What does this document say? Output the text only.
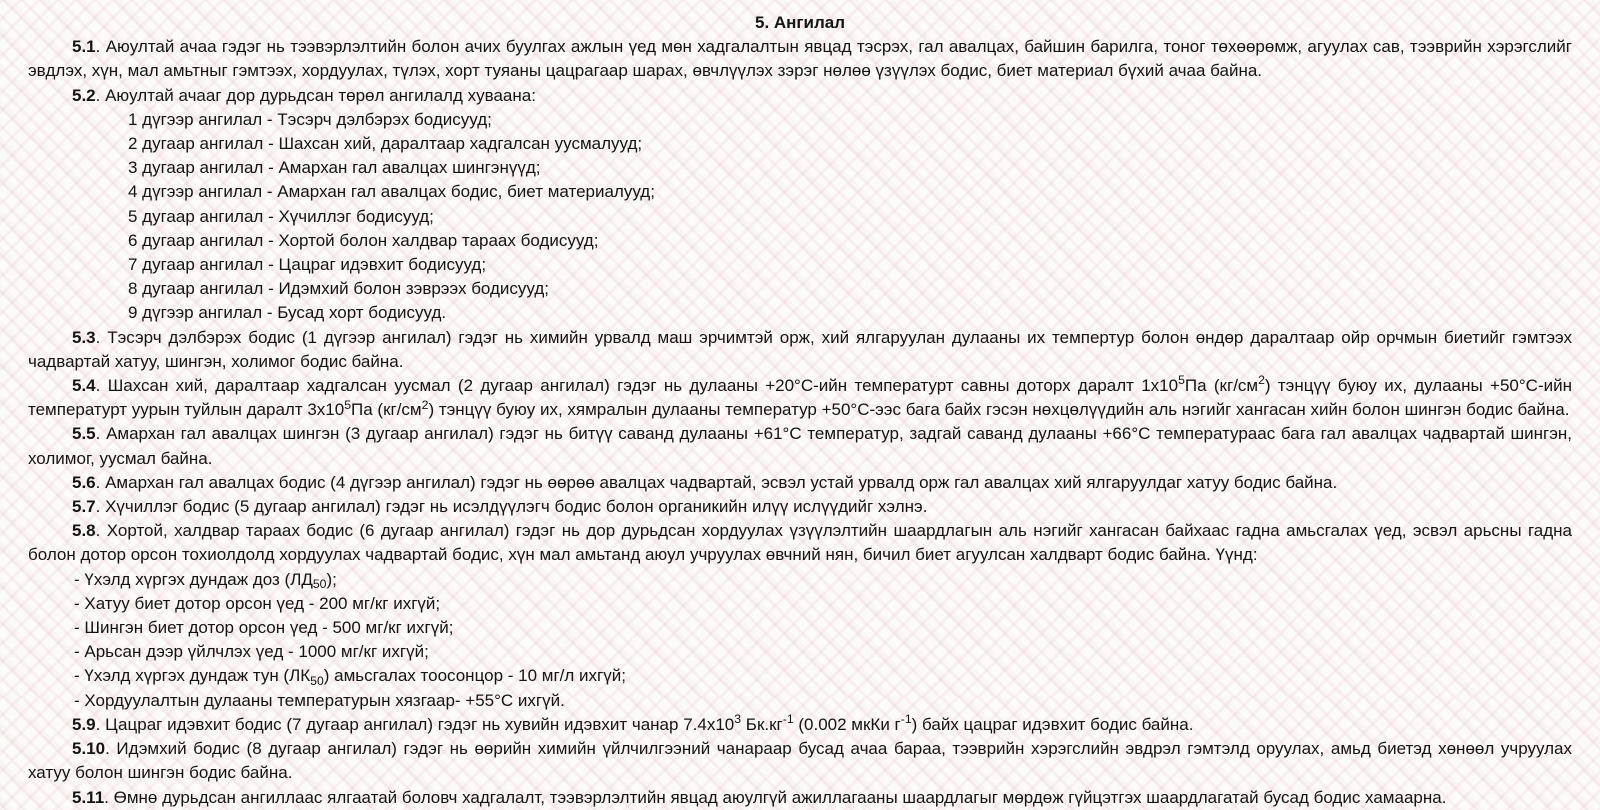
5. Ангилал

5.1. Аюултай ачаа гэдэг нь тээвэрлэлтийн болон ачих буулгах ажлын үед мөн хадгалалтын явцад тэсрэх, гал авалцах, байшин барилга, тоног төхөөрөмж, агуулах сав, тээврийн хэрэгслийг эвдлэх, хүн, мал амьтныг гэмтээх, хордуулах, түлэх, хорт туяаны цацрагаар шарах, өвчлүүлэх зэрэг нөлөө үзүүлэх бодис, биет материал бүхий ачаа байна.
5.2. Аюултай ачааг дор дурьдсан төрөл ангилалд хуваана:
1 дүгээр ангилал - Тэсэрч дэлбэрэх бодисууд;
2 дугаар ангилал - Шахсан хий, даралтаар хадгалсан уусмалууд;
3 дугаар ангилал - Амархан гал авалцах шингэнүүд;
4 дүгээр ангилал - Амархан гал авалцах бодис, биет материалууд;
5 дугаар ангилал - Хүчиллэг бодисууд;
6 дугаар ангилал - Хортой болон халдвар тараах бодисууд;
7 дугаар ангилал - Цацраг идэвхит бодисууд;
8 дугаар ангилал - Идэмхий болон зэврээх бодисууд;
9 дүгээр ангилал - Бусад хорт бодисууд.
5.3. Тэсэрч дэлбэрэх бодис (1 дүгээр ангилал) гэдэг нь химийн урвалд маш эрчимтэй орж, хий ялгаруулан дулааны их темпертур болон өндөр даралтаар ойр орчмын биетийг гэмтээх чадвартай хатуу, шингэн, холимог бодис байна.
5.4. Шахсан хий, даралтаар хадгалсан уусмал (2 дугаар ангилал) гэдэг нь дулааны +20°С-ийн температурт савны доторх даралт $1х10^5Па$ $(кг/см^2)$ тэнцүү буюу их, дулааны +50°С-ийн температурт уурын туйлын даралт $3х10^5Па$ $(кг/см^2)$ тэнцүү буюу их, хямралын дулааны температур +50°С-ээс бага байх гэсэн нөхцөлүүдийн аль нэгийг хангасан хийн болон шингэн бодис байна.
5.5. Амархан гал авалцах шингэн (3 дугаар ангилал) гэдэг нь битүү саванд дулааны +61°С температур, задгай саванд дулааны +66°С температураас бага гал авалцах чадвартай шингэн, холимог, уусмал байна.
5.6. Амархан гал авалцах бодис (4 дүгээр ангилал) гэдэг нь өөрөө авалцах чадвартай, эсвэл устай урвалд орж гал авалцах хий ялгаруулдаг хатуу бодис байна.
5.7. Хүчиллэг бодис (5 дугаар ангилал) гэдэг нь исэлдүүлэгч бодис болон органикийн илүү ислүүдийг хэлнэ.
5.8. Хортой, халдвар тараах бодис (6 дугаар ангилал) гэдэг нь дор дурьдсан хордуулах үзүүлэлтийн шаардлагын аль нэгийг хангасан байхаас гадна амьсгалах үед, эсвэл арьсны гадна болон дотор орсон тохиолдолд хордуулах чадвартай бодис, хүн мал амьтанд аюул учруулах өвчний нян, бичил биет агуулсан халдварт бодис байна. Үүнд:
- Үхэлд хүргэх дундаж доз $(ЛД_{50})$;
- Хатуу биет дотор орсон үед - 200 мг/кг ихгүй;
- Шингэн биет дотор орсон үед - 500 мг/кг ихгүй;
- Арьсан дээр үйлчлэх үед - 1000 мг/кг ихгүй;
- Үхэлд хүргэх дундаж тун $(ЛК_{50})$ амьсгалах тоосонцор - 10 мг/л ихгүй;
- Хордуулалтын дулааны температурын хязгаар- +55°С ихгүй.
5.9. Цацраг идэвхит бодис (7 дугаар ангилал) гэдэг нь хувийн идэвхит чанар $7.4х10^3$ $Бк.кг^{-1}$ (0.002 мкКи $г^{-1}$) байх цацраг идэвхит бодис байна.
5.10. Идэмхий бодис (8 дугаар ангилал) гэдэг нь өөрийн химийн үйлчилгээний чанараар бусад ачаа бараа, тээврийн хэрэгслийн эвдрэл гэмтэлд оруулах, амьд биетэд хөнөөл учруулах хатуу болон шингэн бодис байна.
5.11. Өмнө дурьдсан ангиллаас ялгаатай боловч хадгалалт, тээвэрлэлтийн явцад аюулгүй ажиллагааны шаардлагыг мөрдөж гүйцэтгэх шаардлагатай бусад бодис хамаарна.
